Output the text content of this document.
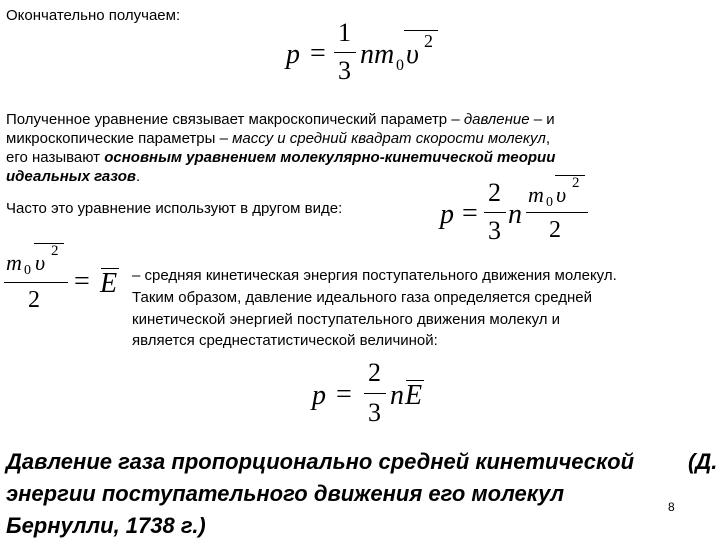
Окончательно получаем:
p =
1
3
n m 0 υ 2
Полученное уравнение связывает макроскопический параметр – давление – и
микроскопические параметры – массу и средний квадрат скорости молекул,
его называют основным уравнением молекулярно-кинетической теории
идеальных газов.
Часто это уравнение используют в другом виде:	p =
2
3
n
m 0 υ 2
2
m 0 υ 2
2
= E – средняя кинетическая энергия поступательного движения молекул.
Таким образом, давление идеального газа определяется средней
кинетической энергией поступательного движения молекул и
является среднестатистической величиной:
p =
2
3
n E
Давление газа пропорционально средней кинетической
энергии поступательного движения его молекул
(Д.
Бернулли, 1738 г.)
8
